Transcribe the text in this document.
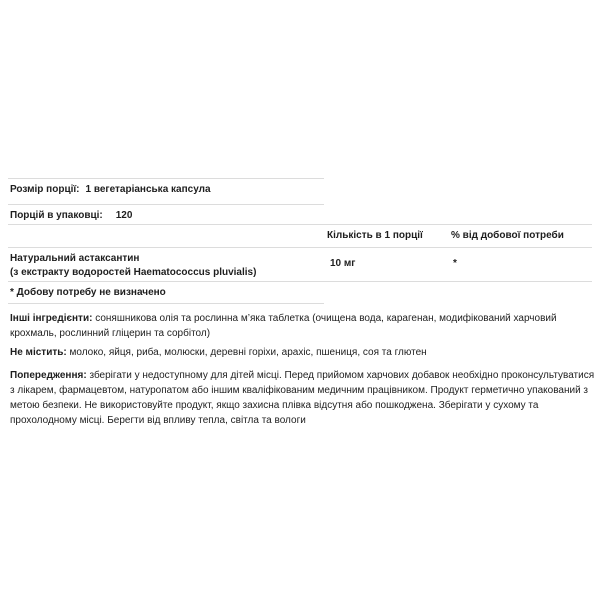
Розмір порції: 1 вегетаріанська капсула
Порцій в упаковці: 120
Кількість в 1 порції	% від добової потреби
Натуральний астаксантин
(з екстракту водоростей Haematococcus pluvialis)
10 мг	*
* Добову потребу не визначено

Інші інгредієнти: соняшникова олія та рослинна м’яка таблетка (очищена вода, карагенан, модифікований харчовий крохмаль, рослинний гліцерин та сорбітол)

Не містить: молоко, яйця, риба, молюски, деревні горіхи, арахіс, пшениця, соя та глютен

Попередження: зберігати у недоступному для дітей місці. Перед прийомом харчових добавок необхідно проконсультуватися з лікарем, фармацевтом, натуропатом або іншим кваліфікованим медичним працівником. Продукт герметично упакований з метою безпеки. Не використовуйте продукт, якщо захисна плівка відсутня або пошкоджена. Зберігати у сухому та прохолодному місці. Берегти від впливу тепла, світла та вологи
